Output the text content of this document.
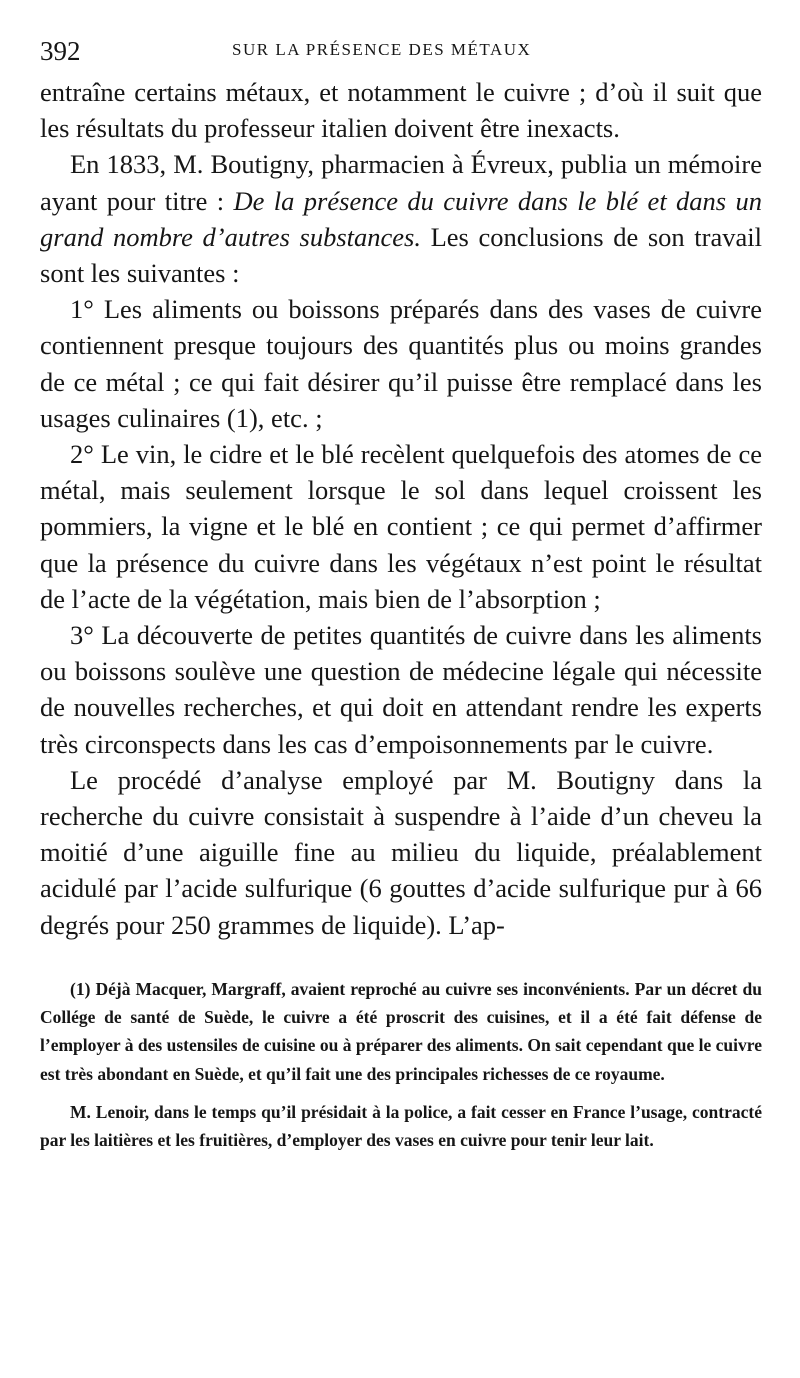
392	SUR LA PRÉSENCE DES MÉTAUX

entraîne certains métaux, et notamment le cuivre ; d’où il suit que les résultats du professeur italien doivent être inexacts.

En 1833, M. Boutigny, pharmacien à Évreux, publia un mémoire ayant pour titre : De la présence du cuivre dans le blé et dans un grand nombre d’autres substances. Les conclusions de son travail sont les suivantes :

1° Les aliments ou boissons préparés dans des vases de cuivre contiennent presque toujours des quantités plus ou moins grandes de ce métal ; ce qui fait désirer qu’il puisse être remplacé dans les usages culinaires (1), etc. ;

2° Le vin, le cidre et le blé recèlent quelquefois des atomes de ce métal, mais seulement lorsque le sol dans lequel croissent les pommiers, la vigne et le blé en contient ; ce qui permet d’affirmer que la présence du cuivre dans les végétaux n’est point le résultat de l’acte de la végétation, mais bien de l’absorption ;

3° La découverte de petites quantités de cuivre dans les aliments ou boissons soulève une question de médecine légale qui nécessite de nouvelles recherches, et qui doit en attendant rendre les experts très circonspects dans les cas d’empoisonnements par le cuivre.

Le procédé d’analyse employé par M. Boutigny dans la recherche du cuivre consistait à suspendre à l’aide d’un cheveu la moitié d’une aiguille fine au milieu du liquide, préalablement acidulé par l’acide sulfurique (6 gouttes d’acide sulfurique pur à 66 degrés pour 250 grammes de liquide). L’ap-

(1) Déjà Macquer, Margraff, avaient reproché au cuivre ses inconvénients. Par un décret du Collége de santé de Suède, le cuivre a été proscrit des cuisines, et il a été fait défense de l’employer à des ustensiles de cuisine ou à préparer des aliments. On sait cependant que le cuivre est très abondant en Suède, et qu’il fait une des principales richesses de ce royaume.

M. Lenoir, dans le temps qu’il présidait à la police, a fait cesser en France l’usage, contracté par les laitières et les fruitières, d’employer des vases en cuivre pour tenir leur lait.
